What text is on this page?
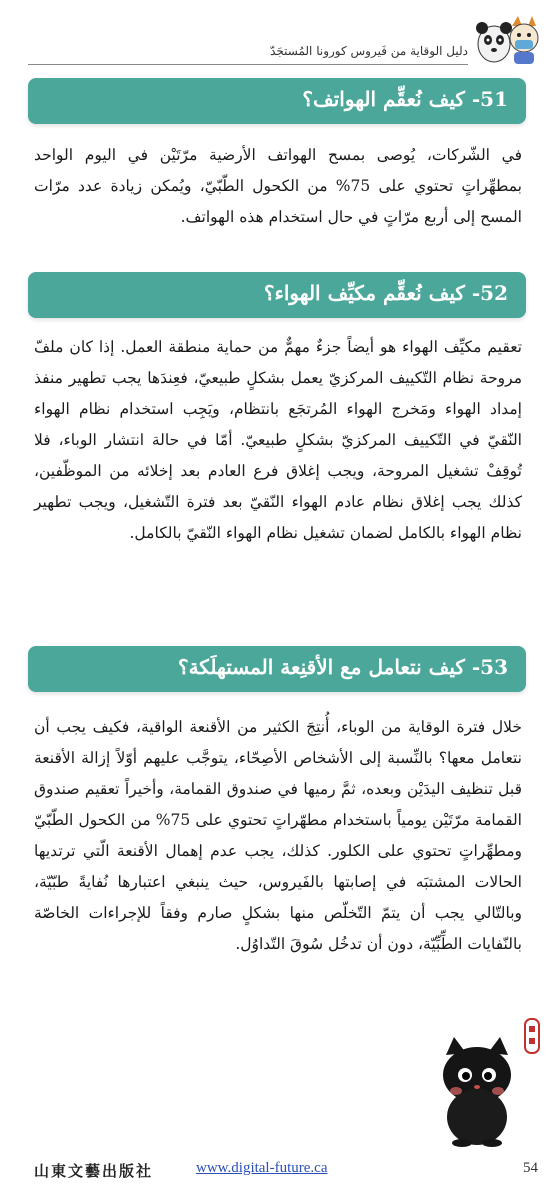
دليل الوقاية من فَيروس كورونا المُستجَدّ
51- كيف نُعقِّم الهواتف؟

في الشّركات، يُوصى بمسح الهواتف الأرضية مرّتَيْن في اليوم الواحد بمطهِّراتٍ تحتوي على 75% من الكحول الطّبّيّ، ويُمكن زيادة عدد مرّات المسح إلى أربع مرّاتٍ في حال استخدام هذه الهواتف.

52- كيف نُعقِّم مكيِّف الهواء؟

تعقيم مكيِّف الهواء هو أيضاً جزءٌ مهمٌّ من حماية منطقة العمل. إذا كان ملفّ مروحة نظام التّكييف المركزيّ يعمل بشكلٍ طبيعيّ، فعِندَها يجب تطهير منفذ إمداد الهواء ومَخرج الهواء المُرتجَع بانتظام، ويَجِب استخدام نظام الهواء النّقيّ في التّكييف المركزيّ بشكلٍ طبيعيّ. أمّا في حالة انتشار الوباء، فلا تُوقِفْ تشغيل المروحة، ويجب إغلاق فرع العادم بعد إخلائه من الموظّفين، كذلك يجب إغلاق نظام عادم الهواء النّقيّ بعد فترة التّشغيل، ويجب تطهير نظام الهواء بالكامل لضمان تشغيل نظام الهواء النّقيّ بالكامل.

53- كيف نتعامل مع الأقنِعة المستهلَكة؟

خلال فترة الوقاية من الوباء، أُنتِجَ الكثير من الأقنعة الواقية، فكيف يجب أن نتعامل معها؟ بالنِّسبة إلى الأشخاص الأصِحّاء، يتوجَّب عليهم أوّلاً إزالة الأقنعة قبل تنظيف اليدَيْن وبعده، ثمَّ رميها في صندوق القمامة، وأخيراً تعقيم صندوق القمامة مرّتَيْن يومياً باستخدام مطهّراتٍ تحتوي على 75% من الكحول الطّبّيّ ومطهِّراتٍ تحتوي على الكلور. كذلك، يجب عدم إهمال الأقنعة الّتي ترتديها الحالات المشتبَه في إصابتها بالفَيروس، حيث ينبغي اعتبارها نُفايةً طبّيّة، وبالتّالي يجب أن يتمّ التّخلّص منها بشكلٍ صارم وفقاً للإجراءات الخاصّة بالنّفايات الطِّبِّيّة، دون أن تدخُل سُوقَ التّداوُل.

山東文藝出版社	www.digital-future.ca	54
